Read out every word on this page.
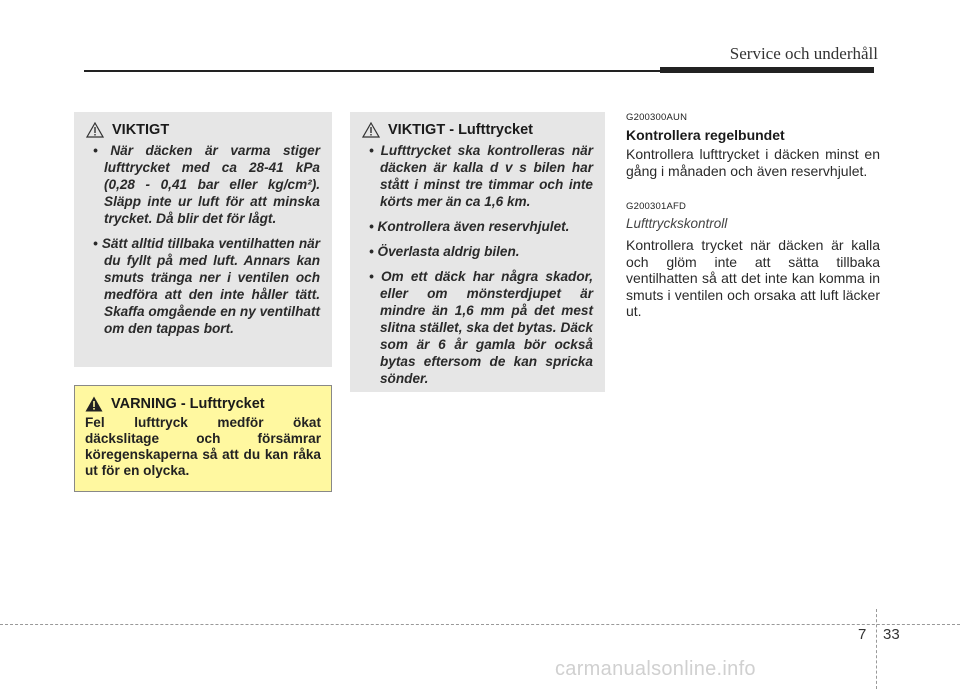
Service och underhåll
VIKTIGT
• När däcken är varma stiger lufttrycket med ca 28-41 kPa (0,28 - 0,41 bar eller kg/cm²). Släpp inte ur luft för att minska trycket. Då blir det för lågt.
• Sätt alltid tillbaka ventilhatten när du fyllt på med luft. Annars kan smuts tränga ner i ventilen och medföra att den inte håller tätt. Skaffa omgående en ny ventilhatt om den tappas bort.
VARNING - Lufttrycket
Fel lufttryck medför ökat däckslitage och försämrar köregenskaperna så att du kan råka ut för en olycka.
VIKTIGT - Lufttrycket
• Lufttrycket ska kontrolleras när däcken är kalla d v s bilen har stått i minst tre timmar och inte körts mer än ca 1,6 km.
• Kontrollera även reservhjulet.
• Överlasta aldrig bilen.
• Om ett däck har några skador, eller om mönsterdjupet är mindre än 1,6 mm på det mest slitna stället, ska det bytas. Däck som är 6 år gamla bör också bytas eftersom de kan spricka sönder.
G200300AUN
Kontrollera regelbundet
Kontrollera lufttrycket i däcken minst en gång i månaden och även reservhjulet.
G200301AFD
Lufttryckskontroll
Kontrollera trycket när däcken är kalla och glöm inte att sätta tillbaka ventilhatten så att det inte kan komma in smuts i ventilen och orsaka att luft läcker ut.
7 33
carmanualsonline.info
